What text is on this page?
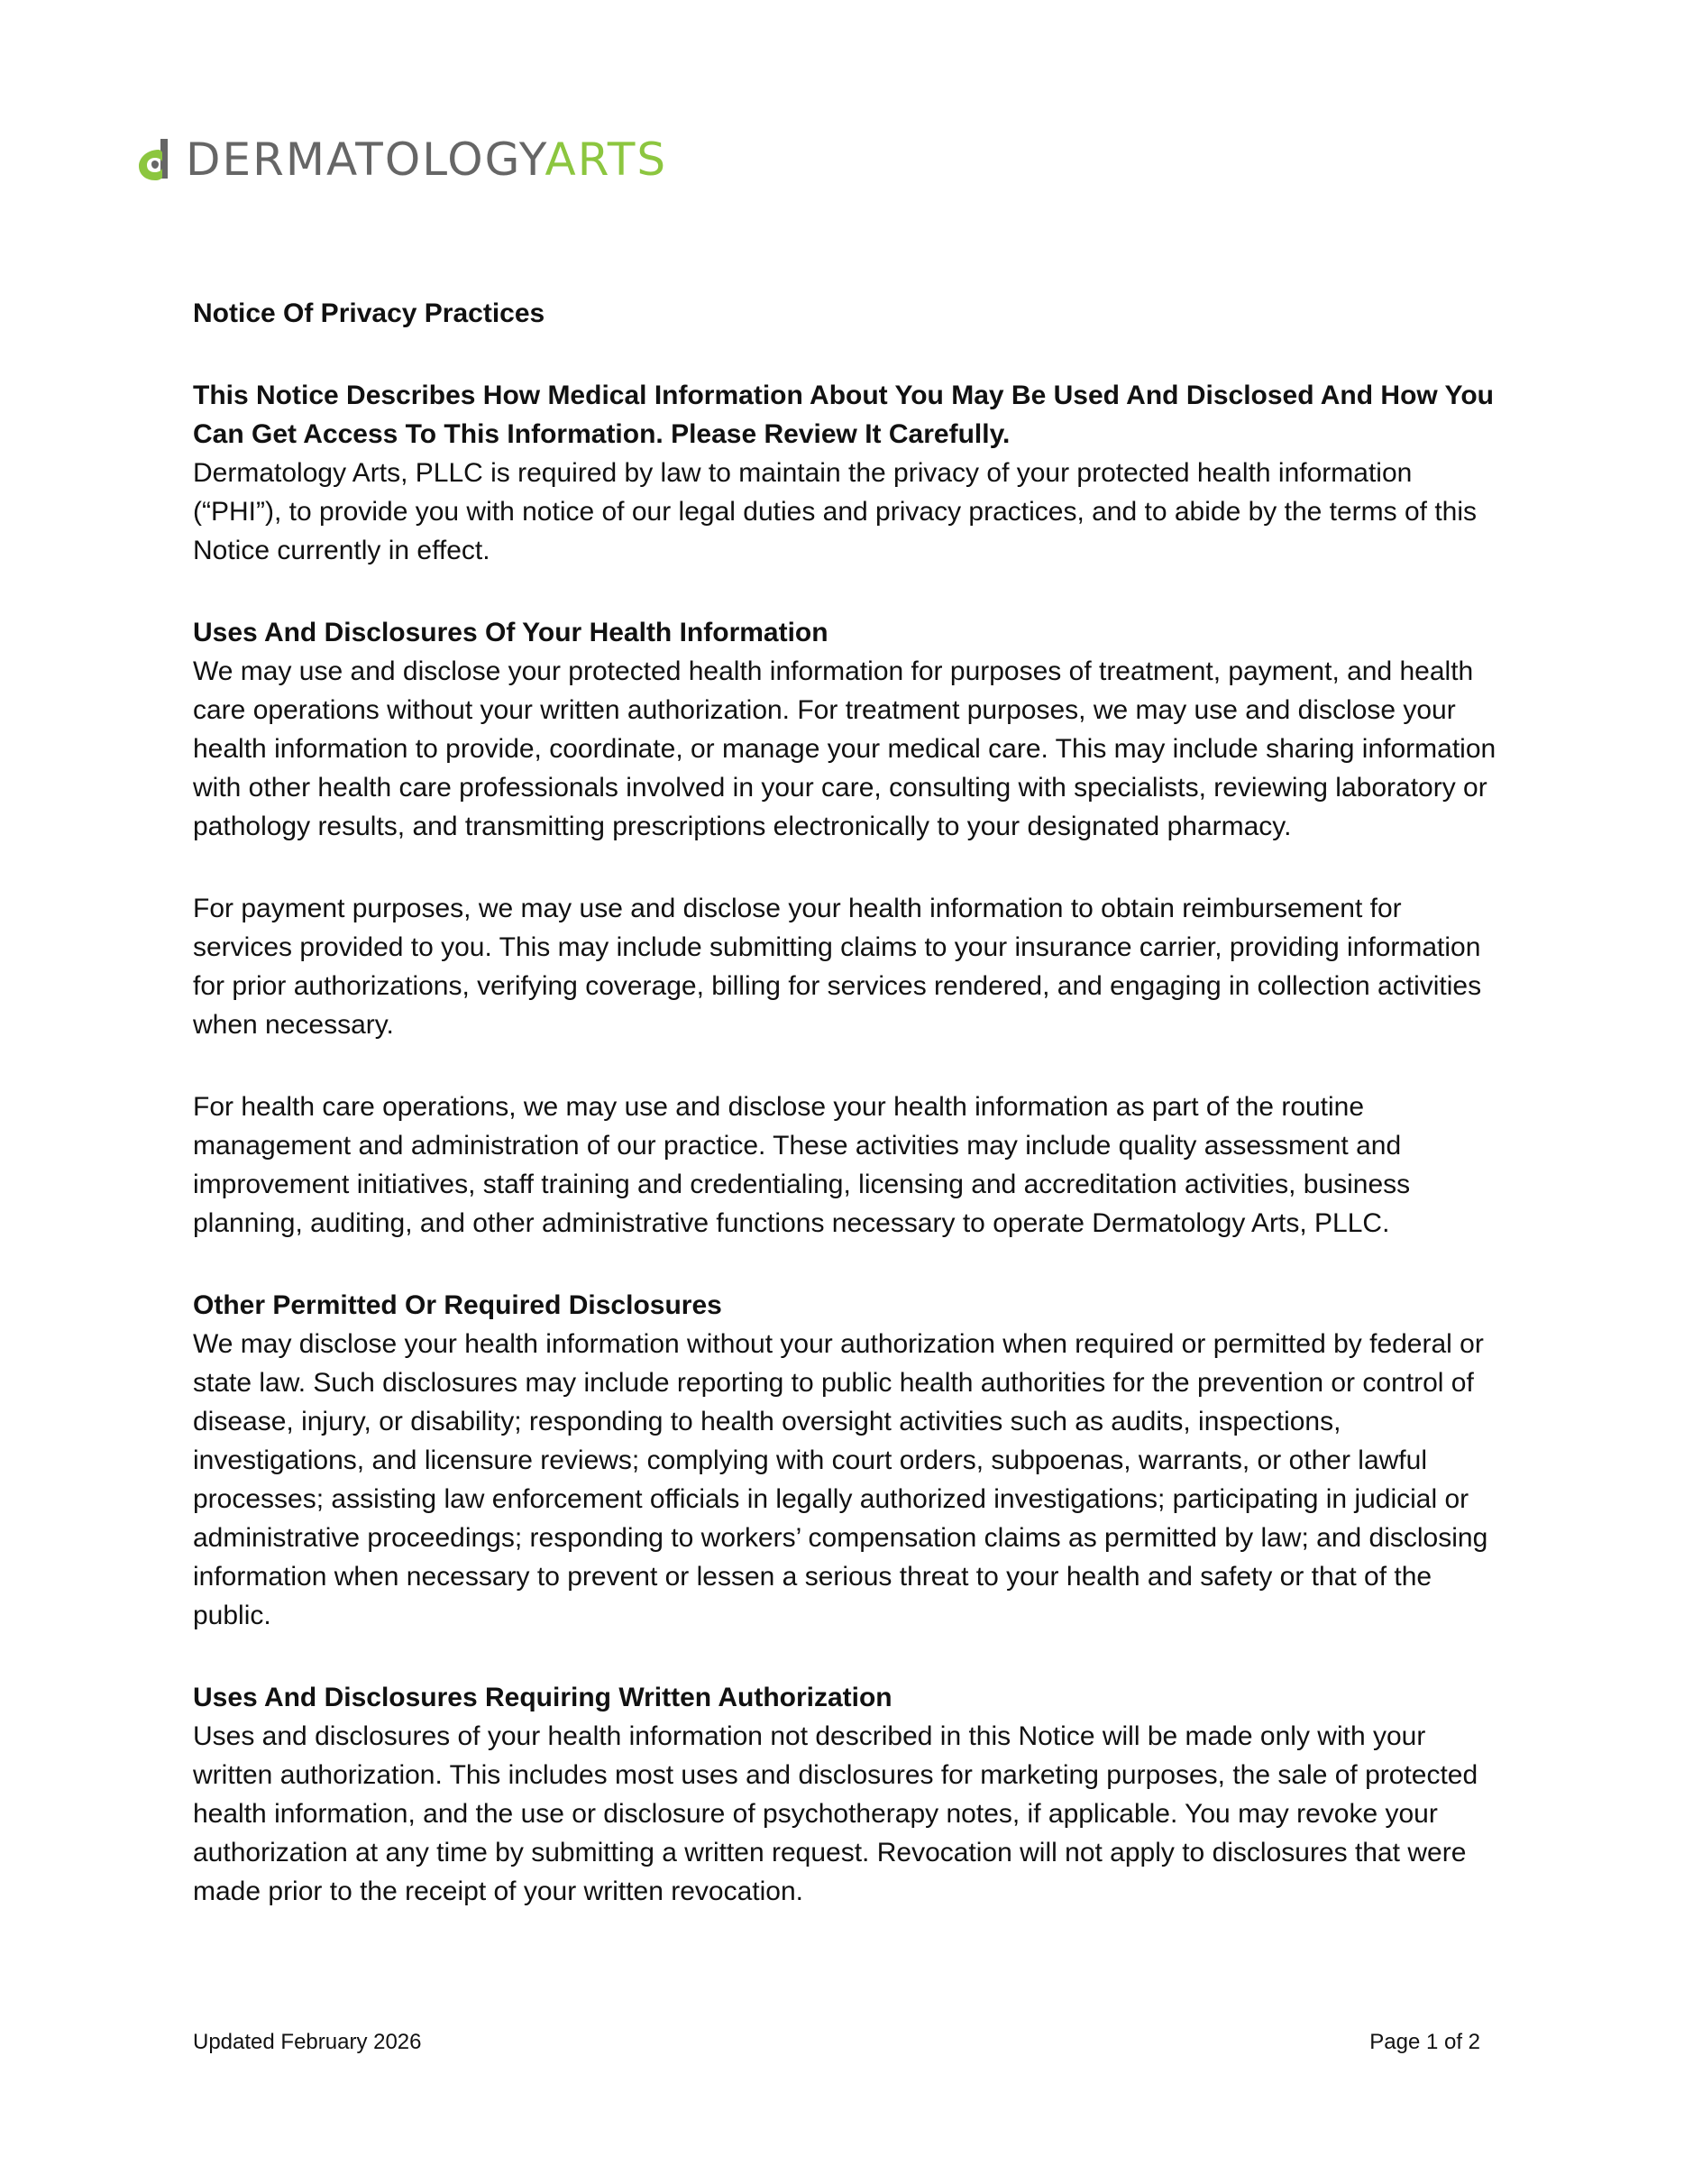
DERMATOLOGYARTS
Notice Of Privacy Practices
This Notice Describes How Medical Information About You May Be Used And Disclosed And How You Can Get Access To This Information. Please Review It Carefully.
Dermatology Arts, PLLC is required by law to maintain the privacy of your protected health information (“PHI”), to provide you with notice of our legal duties and privacy practices, and to abide by the terms of this Notice currently in effect.
Uses And Disclosures Of Your Health Information
We may use and disclose your protected health information for purposes of treatment, payment, and health care operations without your written authorization. For treatment purposes, we may use and disclose your health information to provide, coordinate, or manage your medical care. This may include sharing information with other health care professionals involved in your care, consulting with specialists, reviewing laboratory or pathology results, and transmitting prescriptions electronically to your designated pharmacy.
For payment purposes, we may use and disclose your health information to obtain reimbursement for services provided to you. This may include submitting claims to your insurance carrier, providing information for prior authorizations, verifying coverage, billing for services rendered, and engaging in collection activities when necessary.
For health care operations, we may use and disclose your health information as part of the routine management and administration of our practice. These activities may include quality assessment and improvement initiatives, staff training and credentialing, licensing and accreditation activities, business planning, auditing, and other administrative functions necessary to operate Dermatology Arts, PLLC.
Other Permitted Or Required Disclosures
We may disclose your health information without your authorization when required or permitted by federal or state law. Such disclosures may include reporting to public health authorities for the prevention or control of disease, injury, or disability; responding to health oversight activities such as audits, inspections, investigations, and licensure reviews; complying with court orders, subpoenas, warrants, or other lawful processes; assisting law enforcement officials in legally authorized investigations; participating in judicial or administrative proceedings; responding to workers’ compensation claims as permitted by law; and disclosing information when necessary to prevent or lessen a serious threat to your health and safety or that of the public.
Uses And Disclosures Requiring Written Authorization
Uses and disclosures of your health information not described in this Notice will be made only with your written authorization. This includes most uses and disclosures for marketing purposes, the sale of protected health information, and the use or disclosure of psychotherapy notes, if applicable. You may revoke your authorization at any time by submitting a written request. Revocation will not apply to disclosures that were made prior to the receipt of your written revocation.
Updated February 2026	Page 1 of 2
